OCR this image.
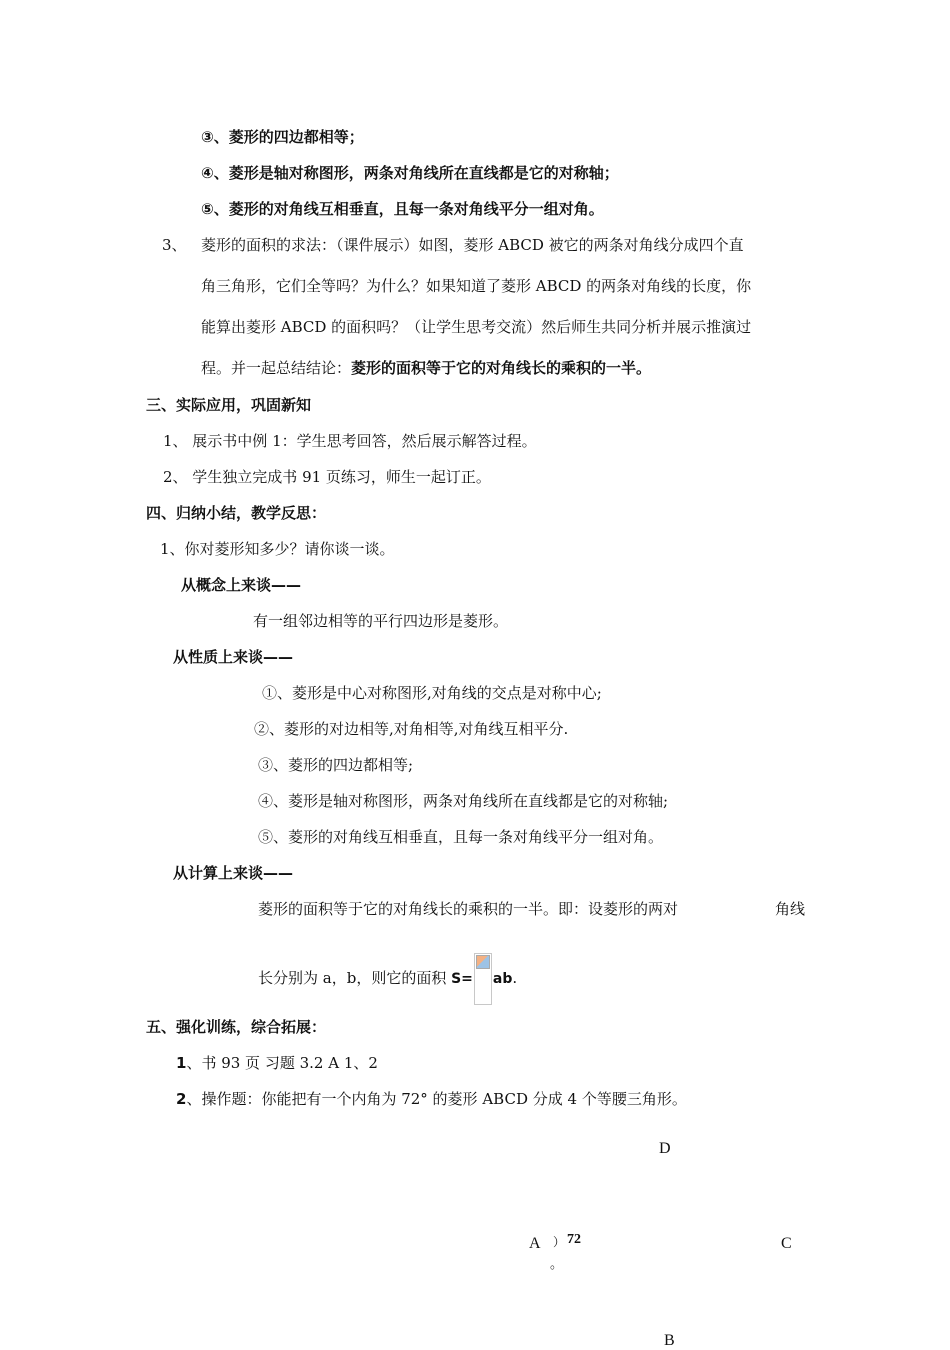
③、菱形的四边都相等；
④、菱形是轴对称图形，两条对角线所在直线都是它的对称轴；
⑤、菱形的对角线互相垂直，且每一条对角线平分一组对角。
3、 菱形的面积的求法：（课件展示）如图，菱形 ABCD 被它的两条对角线分成四个直
角三角形，它们全等吗？为什么？如果知道了菱形 ABCD 的两条对角线的长度，你
能算出菱形 ABCD 的面积吗？（让学生思考交流）然后师生共同分析并展示推演过
程。并一起总结结论：菱形的面积等于它的对角线长的乘积的一半。
三、实际应用，巩固新知
1、 展示书中例 1：学生思考回答，然后展示解答过程。
2、 学生独立完成书 91 页练习，师生一起订正。
四、归纳小结，教学反思：
1、你对菱形知多少？请你谈一谈。
从概念上来谈——
有一组邻边相等的平行四边形是菱形。
从性质上来谈——
①、菱形是中心对称图形,对角线的交点是对称中心;
②、菱形的对边相等,对角相等,对角线互相平分.
③、菱形的四边都相等;
④、菱形是轴对称图形，两条对角线所在直线都是它的对称轴;
⑤、菱形的对角线互相垂直，且每一条对角线平分一组对角。
从计算上来谈——
菱形的面积等于它的对角线长的乘积的一半。即：设菱形的两对	角线
长分别为 a，b，则它的面积 S= ab.
五、强化训练，综合拓展：
1、书 93 页 习题 3.2 A 1、2
2、操作题：你能把有一个内角为 72° 的菱形 ABCD 分成 4 个等腰三角形。
D
A ） 72
。
C
B
